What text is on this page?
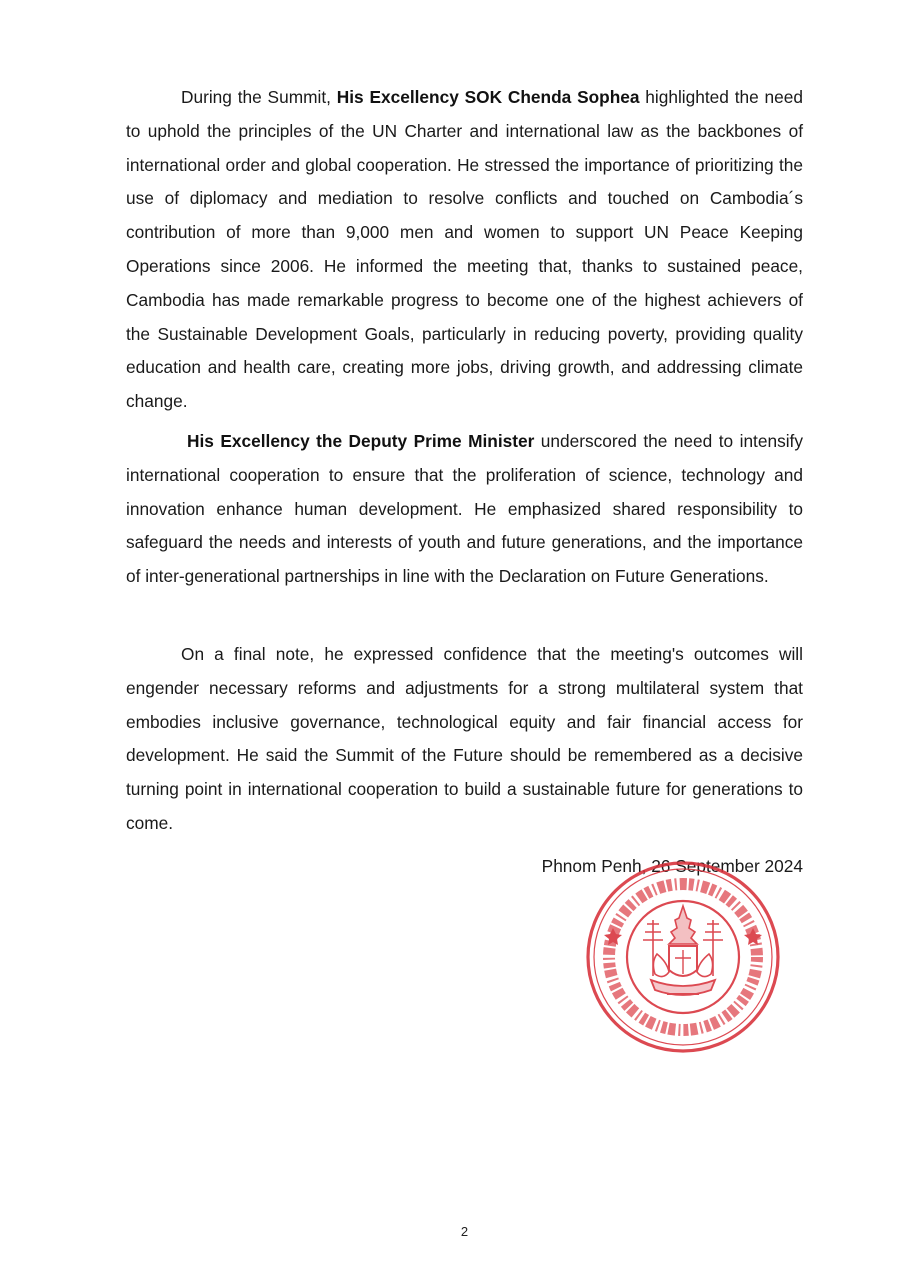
During the Summit, His Excellency SOK Chenda Sophea highlighted the need to uphold the principles of the UN Charter and international law as the backbones of international order and global cooperation. He stressed the importance of prioritizing the use of diplomacy and mediation to resolve conflicts and touched on Cambodia´s contribution of more than 9,000 men and women to support UN Peace Keeping Operations since 2006. He informed the meeting that, thanks to sustained peace, Cambodia has made remarkable progress to become one of the highest achievers of the Sustainable Development Goals, particularly in reducing poverty, providing quality education and health care, creating more jobs, driving growth, and addressing climate change.

His Excellency the Deputy Prime Minister underscored the need to intensify international cooperation to ensure that the proliferation of science, technology and innovation enhance human development. He emphasized shared responsibility to safeguard the needs and interests of youth and future generations, and the importance of inter-generational partnerships in line with the Declaration on Future Generations.

On a final note, he expressed confidence that the meeting's outcomes will engender necessary reforms and adjustments for a strong multilateral system that embodies inclusive governance, technological equity and fair financial access for development. He said the Summit of the Future should be remembered as a decisive turning point in international cooperation to build a sustainable future for generations to come.

Phnom Penh, 26 September 2024
2
